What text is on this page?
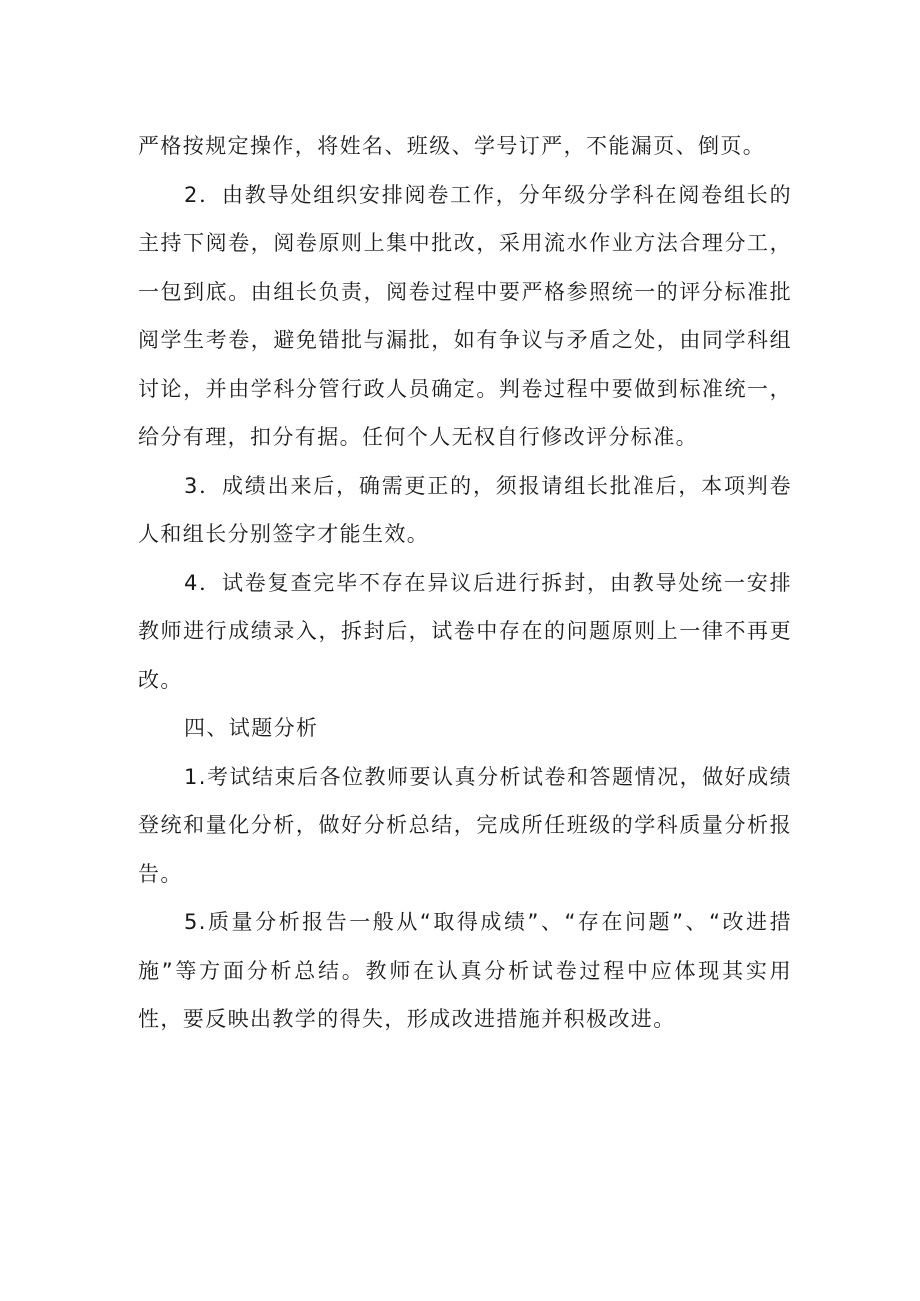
严格按规定操作，将姓名、班级、学号订严，不能漏页、倒页。

2．由教导处组织安排阅卷工作，分年级分学科在阅卷组长的主持下阅卷，阅卷原则上集中批改，采用流水作业方法合理分工，一包到底。由组长负责，阅卷过程中要严格参照统一的评分标准批阅学生考卷，避免错批与漏批，如有争议与矛盾之处，由同学科组讨论，并由学科分管行政人员确定。判卷过程中要做到标准统一，给分有理，扣分有据。任何个人无权自行修改评分标准。

3．成绩出来后，确需更正的，须报请组长批准后，本项判卷人和组长分别签字才能生效。

4．试卷复查完毕不存在异议后进行拆封，由教导处统一安排教师进行成绩录入，拆封后，试卷中存在的问题原则上一律不再更改。

四、试题分析

1.考试结束后各位教师要认真分析试卷和答题情况，做好成绩登统和量化分析，做好分析总结，完成所任班级的学科质量分析报告。

5.质量分析报告一般从“取得成绩”、“存在问题”、“改进措施”等方面分析总结。教师在认真分析试卷过程中应体现其实用性，要反映出教学的得失，形成改进措施并积极改进。
